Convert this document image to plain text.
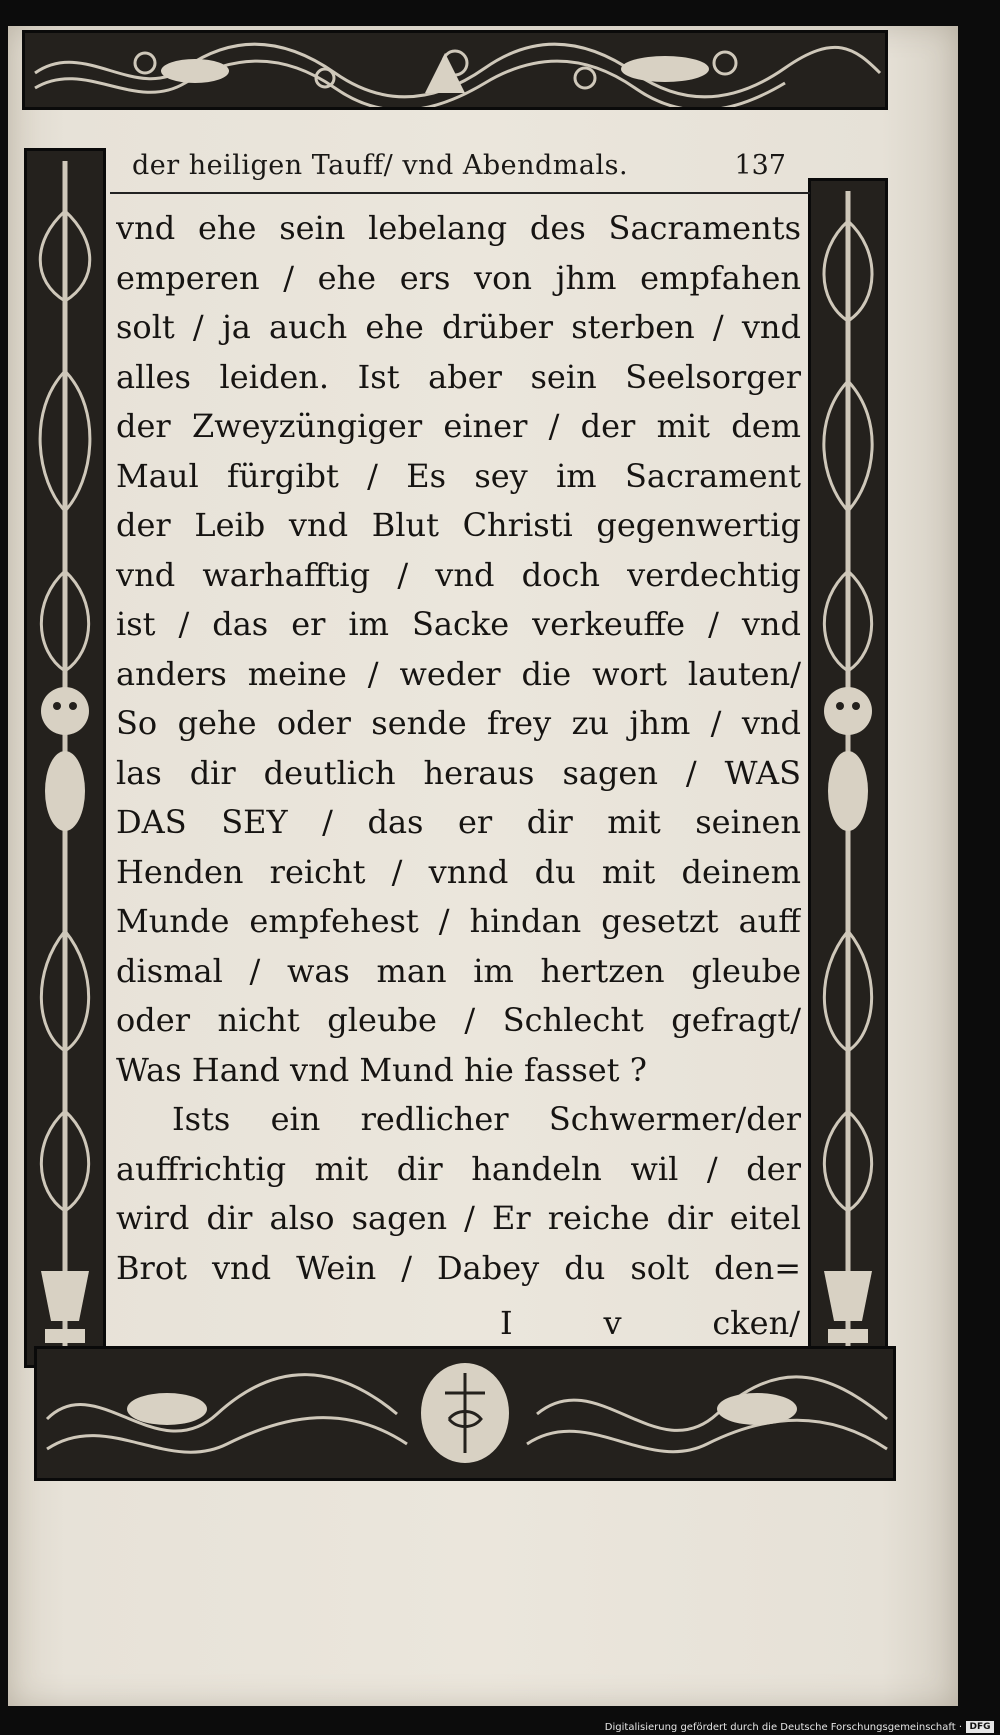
der heiligen Tauff/ vnd Abendmals.	137
vnd ehe sein lebelang des Sacraments
emperen / ehe ers von jhm empfahen
solt / ja auch ehe drüber sterben / vnd
alles leiden. Ist aber sein Seelsorger
der Zweyzüngiger einer / der mit dem
Maul fürgibt / Es sey im Sacrament
der Leib vnd Blut Christi gegenwertig
vnd warhafftig / vnd doch verdechtig
ist / das er im Sacke verkeuffe / vnd
anders meine / weder die wort lauten/
So gehe oder sende frey zu jhm / vnd
las dir deutlich heraus sagen / WAS
DAS SEY / das er dir mit seinen
Henden reicht / vnnd du mit deinem
Munde empfehest / hindan gesetzt auff
dismal / was man im hertzen gleube
oder nicht gleube / Schlecht gefragt/
Was Hand vnd Mund hie fasset ?
Ists ein redlicher Schwermer/der
auffrichtig mit dir handeln wil / der
wird dir also sagen / Er reiche dir eitel
Brot vnd Wein / Dabey du solt den=
I	v	cken/
Digitalisierung gefördert durch die Deutsche Forschungsgemeinschaft · DFG
